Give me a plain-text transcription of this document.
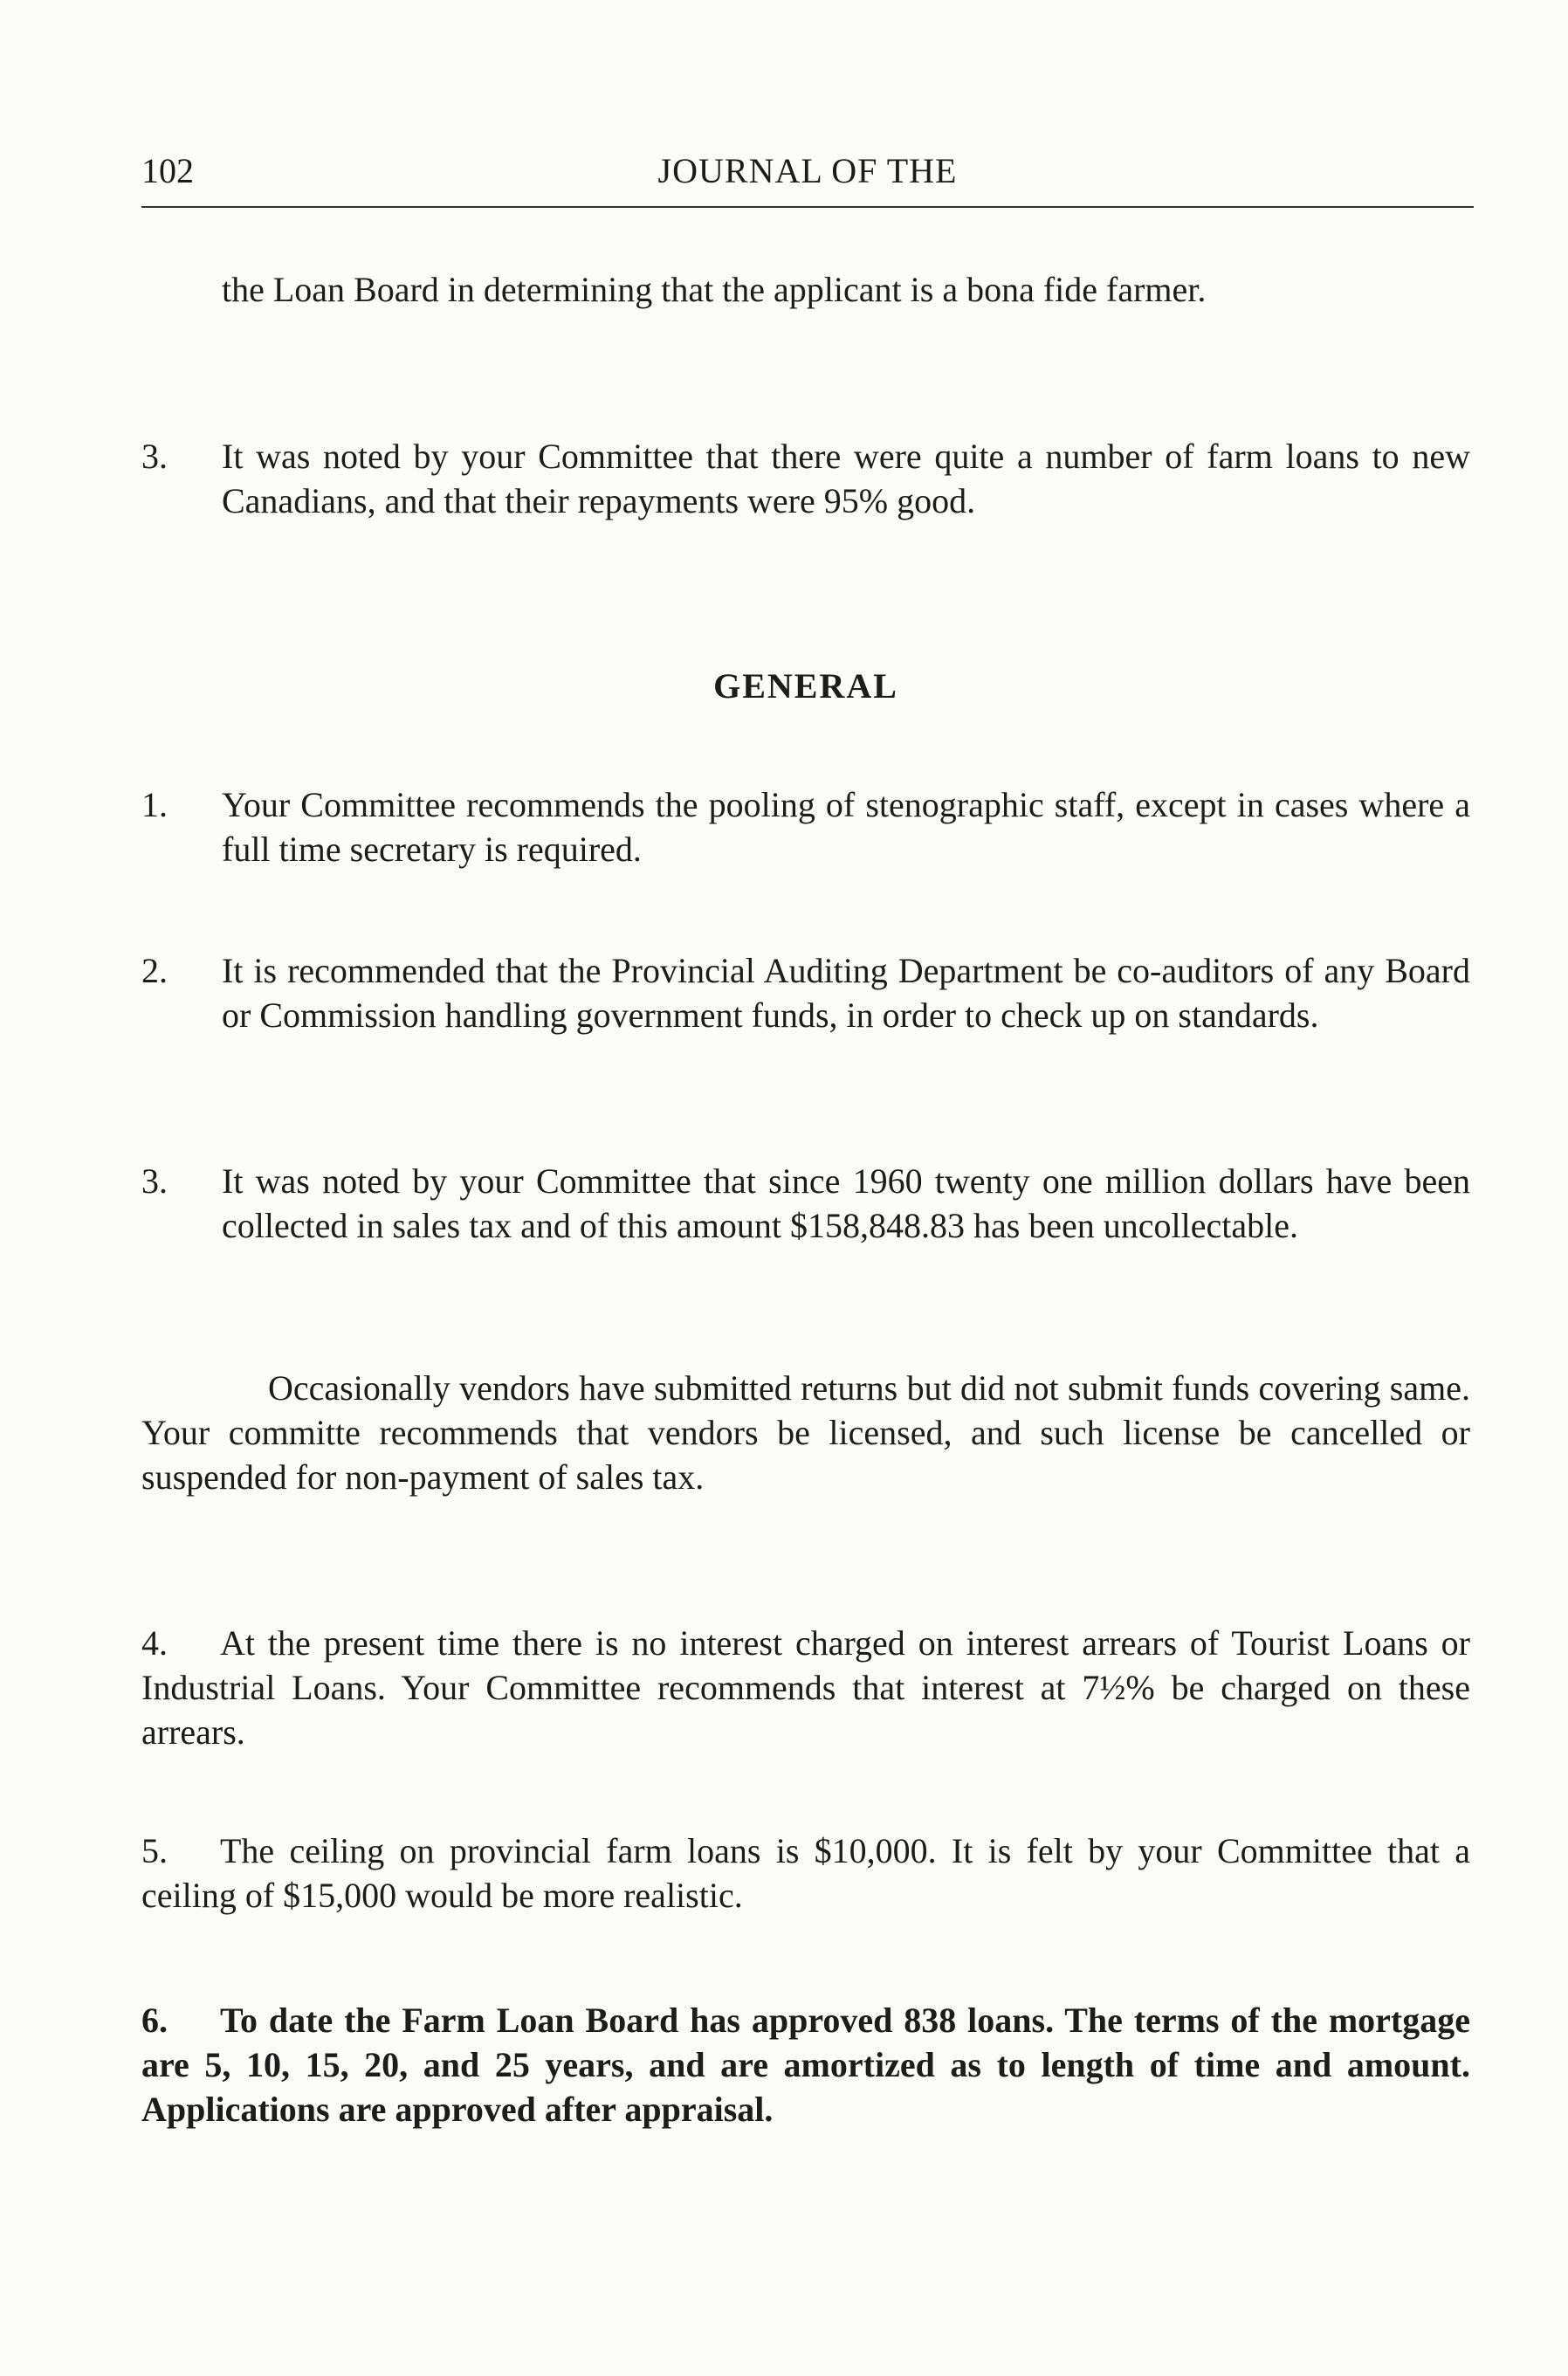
102	JOURNAL OF THE
the Loan Board in determining that the applicant is a bona fide farmer.
3. It was noted by your Committee that there were quite a number of farm loans to new Canadians, and that their repayments were 95% good.
GENERAL
1. Your Committee recommends the pooling of stenographic staff, except in cases where a full time secretary is required.
2. It is recommended that the Provincial Auditing Department be co-auditors of any Board or Commission handling government funds, in order to check up on standards.
3. It was noted by your Committee that since 1960 twenty one million dollars have been collected in sales tax and of this amount $158,848.83 has been uncollectable.
Occasionally vendors have submitted returns but did not submit funds covering same. Your committe recommends that vendors be licensed, and such license be cancelled or suspended for non-payment of sales tax.
4. At the present time there is no interest charged on interest arrears of Tourist Loans or Industrial Loans. Your Committee recommends that interest at 7½% be charged on these arrears.
5. The ceiling on provincial farm loans is $10,000. It is felt by your Committee that a ceiling of $15,000 would be more realistic.
6. To date the Farm Loan Board has approved 838 loans. The terms of the mortgage are 5, 10, 15, 20, and 25 years, and are amortized as to length of time and amount. Applications are approved after appraisal.
